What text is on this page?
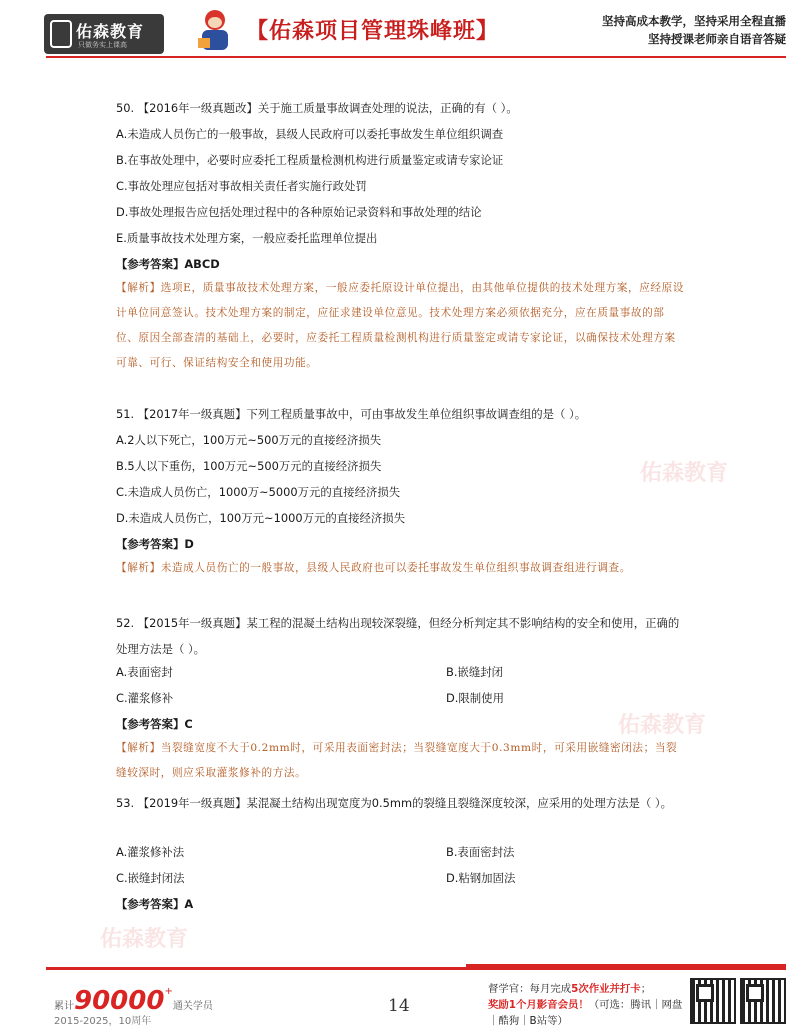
佑森教育
只做务实上课高
【佑森项目管理珠峰班】	坚持高成本教学，坚持采用全程直播
坚持授课老师亲自语音答疑
佑森教育
佑森教育
佑森教育
50. 【2016年一级真题改】关于施工质量事故调查处理的说法，正确的有（ ）。
A.未造成人员伤亡的一般事故，县级人民政府可以委托事故发生单位组织调查
B.在事故处理中，必要时应委托工程质量检测机构进行质量鉴定或请专家论证
C.事故处理应包括对事故相关责任者实施行政处罚
D.事故处理报告应包括处理过程中的各种原始记录资料和事故处理的结论
E.质量事故技术处理方案，一般应委托监理单位提出
【参考答案】ABCD
【解析】选项E，质量事故技术处理方案，一般应委托原设计单位提出，由其他单位提供的技术处理方案，应经原设计单位同意签认。技术处理方案的制定，应征求建设单位意见。技术处理方案必须依据充分，应在质量事故的部位、原因全部查清的基础上，必要时，应委托工程质量检测机构进行质量鉴定或请专家论证，以确保技术处理方案可靠、可行、保证结构安全和使用功能。
51. 【2017年一级真题】下列工程质量事故中，可由事故发生单位组织事故调查组的是（ ）。
A.2人以下死亡，100万元~500万元的直接经济损失
B.5人以下重伤，100万元~500万元的直接经济损失
C.未造成人员伤亡，1000万~5000万元的直接经济损失
D.未造成人员伤亡，100万元~1000万元的直接经济损失
【参考答案】D
【解析】未造成人员伤亡的一般事故，县级人民政府也可以委托事故发生单位组织事故调查组进行调查。
52. 【2015年一级真题】某工程的混凝土结构出现较深裂缝，但经分析判定其不影响结构的安全和使用，正确的处理方法是（ ）。
A.表面密封	B.嵌缝封闭
C.灌浆修补	D.限制使用
【参考答案】C
【解析】当裂缝宽度不大于0.2mm时，可采用表面密封法；当裂缝宽度大于0.3mm时，可采用嵌缝密闭法；当裂缝较深时，则应采取灌浆修补的方法。
53. 【2019年一级真题】某混凝土结构出现宽度为0.5mm的裂缝且裂缝深度较深，应采用的处理方法是（ ）。
A.灌浆修补法	B.表面密封法
C.嵌缝封闭法	D.粘钢加固法
【参考答案】A
累计90000+通关学员
2015-2025，10周年
14
督学官：每月完成5次作业并打卡；
奖励1个月影音会员！（可选：腾讯｜网盘｜酷狗｜B站等）
